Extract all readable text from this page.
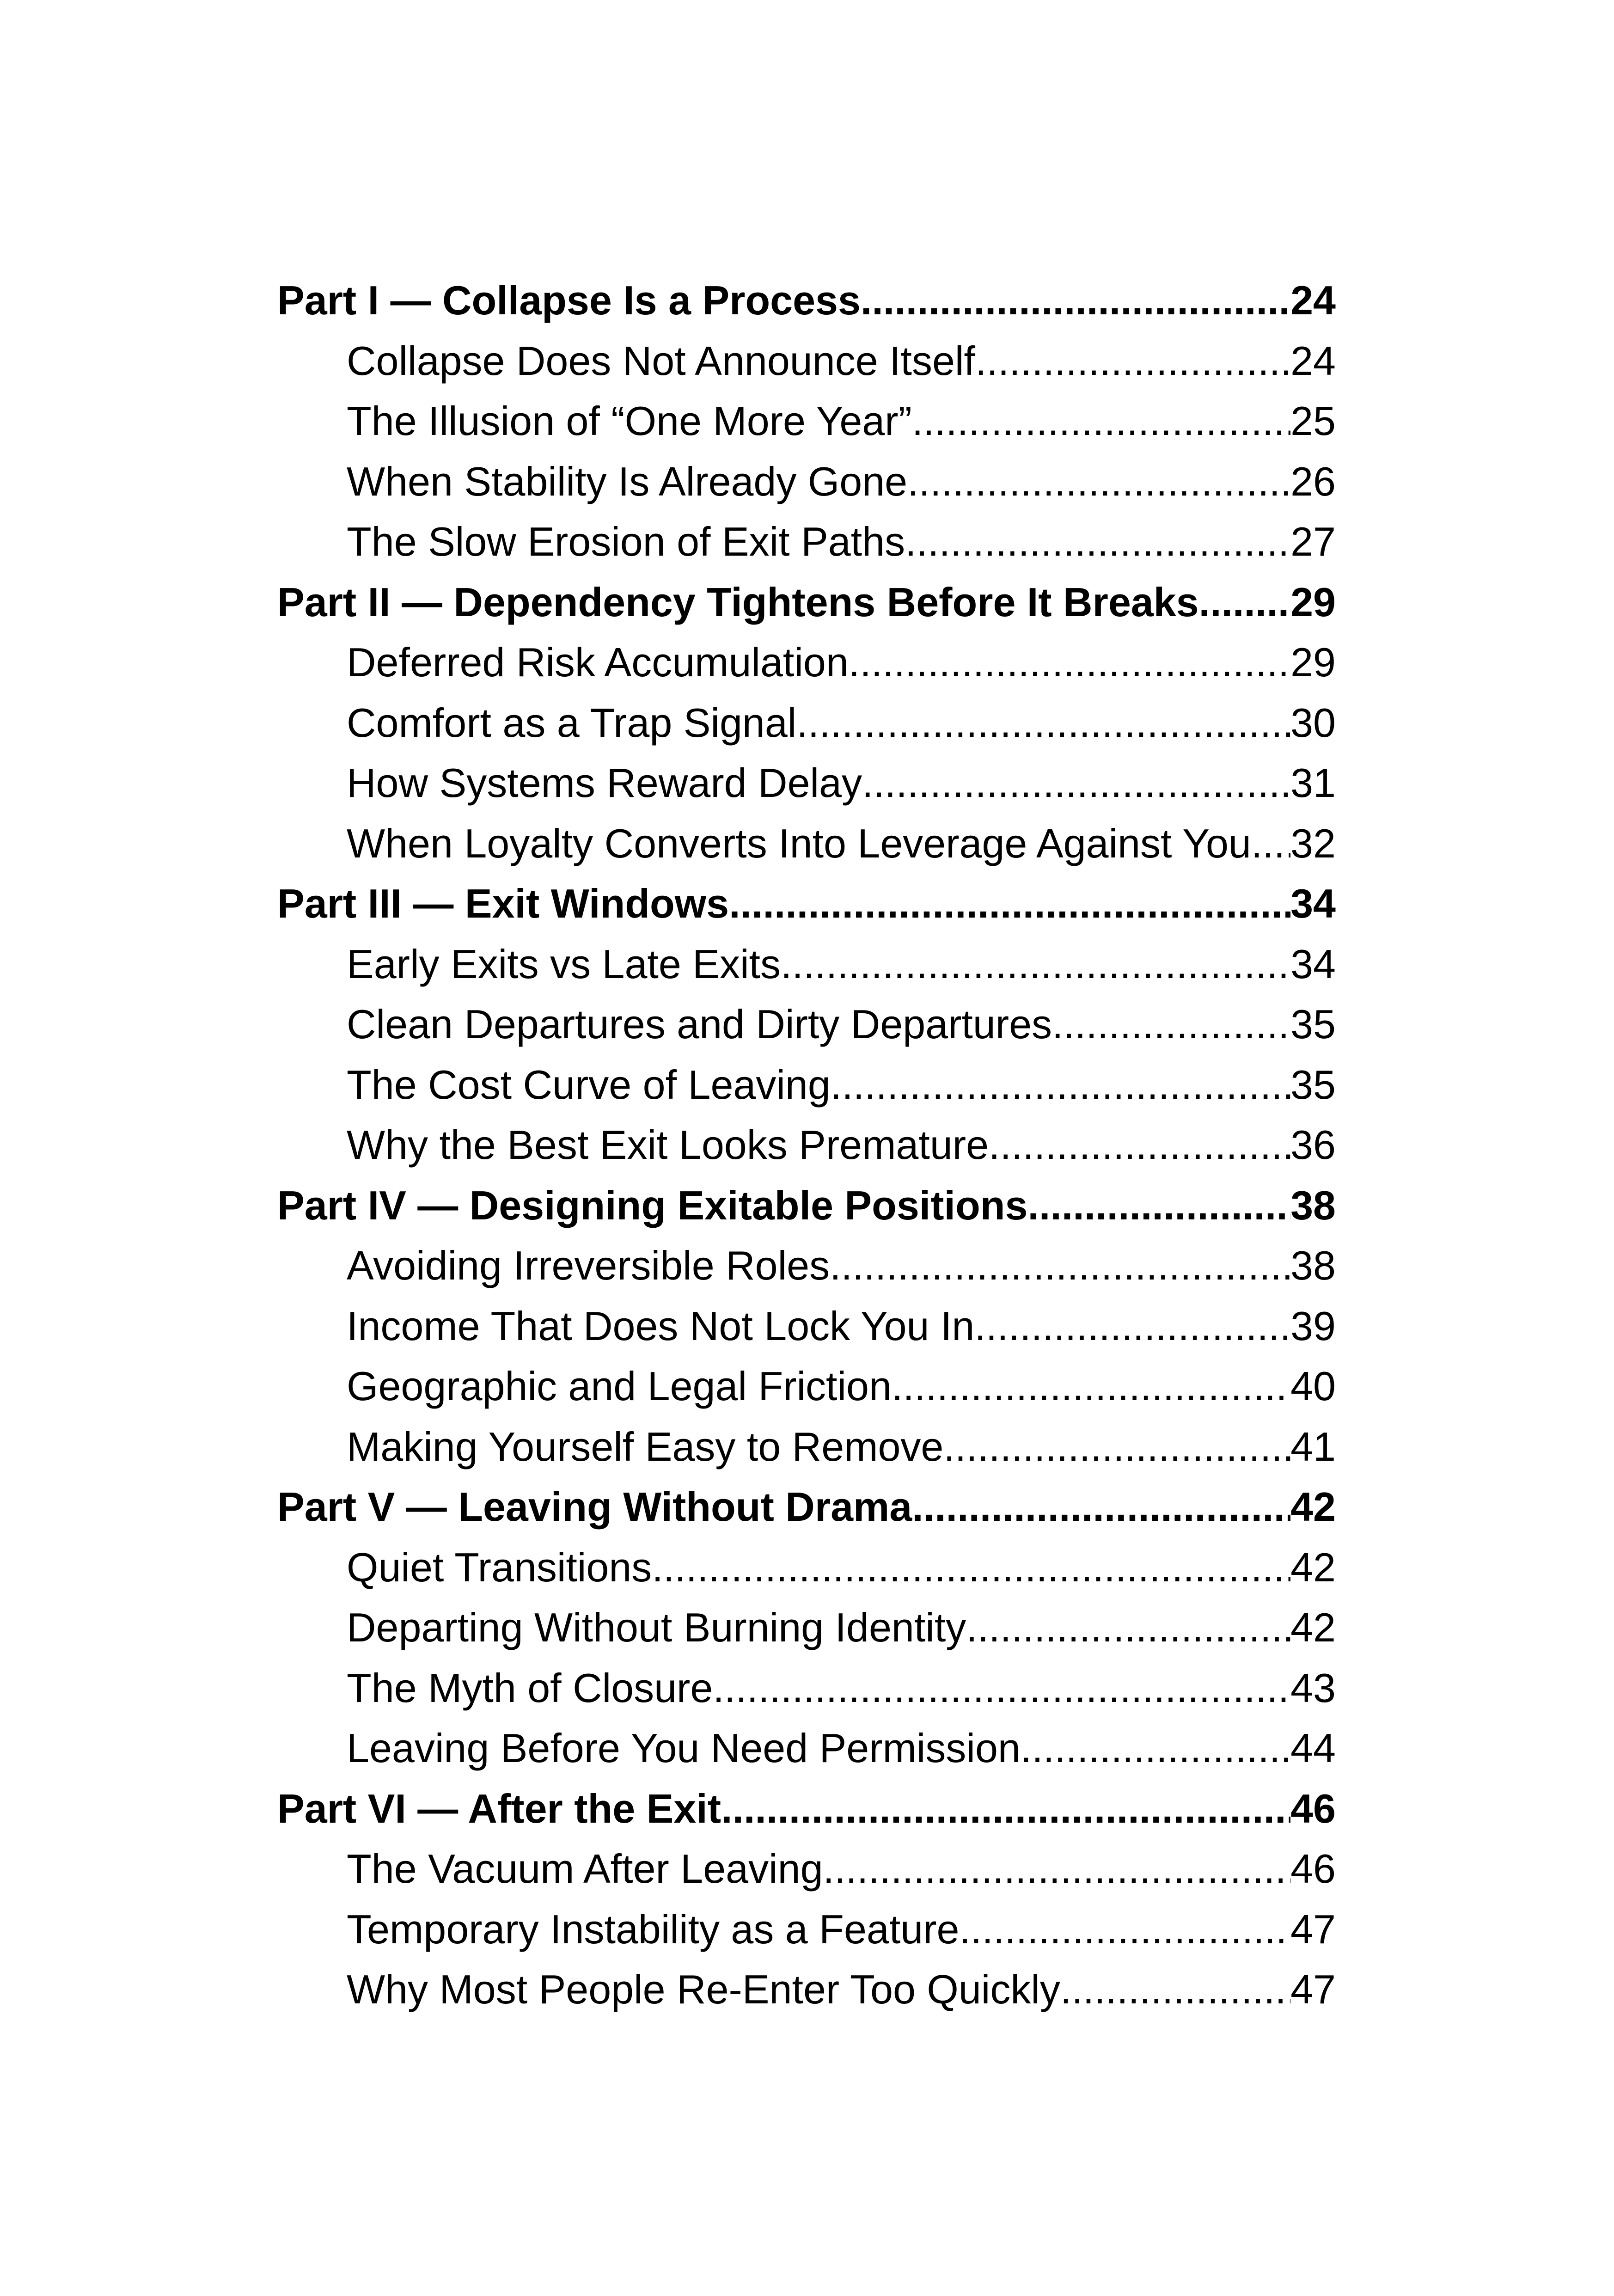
Part I — Collapse Is a Process .....	24
Collapse Does Not Announce Itself .....	24
The Illusion of “One More Year” .....	25
When Stability Is Already Gone .....	26
The Slow Erosion of Exit Paths .....	27
Part II — Dependency Tightens Before It Breaks ..... 29
Deferred Risk Accumulation .....	29
Comfort as a Trap Signal .....	30
How Systems Reward Delay .....	31
When Loyalty Converts Into Leverage Against You ..... 32
Part III — Exit Windows .....	34
Early Exits vs Late Exits .....	34
Clean Departures and Dirty Departures .....	35
The Cost Curve of Leaving .....	35
Why the Best Exit Looks Premature .....	36
Part IV — Designing Exitable Positions .....	38
Avoiding Irreversible Roles .....	38
Income That Does Not Lock You In .....	39
Geographic and Legal Friction .....	40
Making Yourself Easy to Remove .....	41
Part V — Leaving Without Drama .....	42
Quiet Transitions .....	42
Departing Without Burning Identity .....	42
The Myth of Closure .....	43
Leaving Before You Need Permission .....	44
Part VI — After the Exit .....	46
The Vacuum After Leaving .....	46
Temporary Instability as a Feature .....	47
Why Most People Re-Enter Too Quickly .....	47
